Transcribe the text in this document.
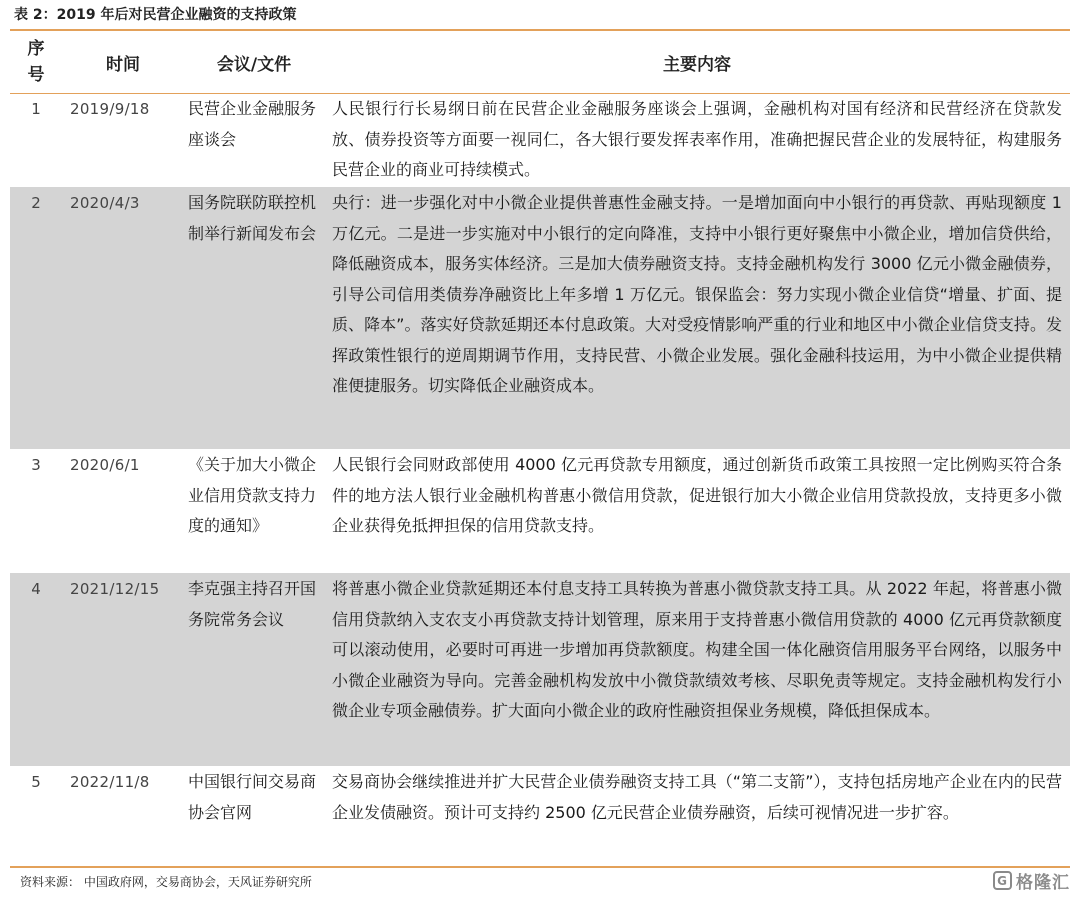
表 2：2019 年后对民营企业融资的支持政策
序号	时间	会议/文件	主要内容
1	2019/9/18	民营企业金融服务座谈会	人民银行行长易纲日前在民营企业金融服务座谈会上强调，金融机构对国有经济和民营经济在贷款发放、债券投资等方面要一视同仁，各大银行要发挥表率作用，准确把握民营企业的发展特征，构建服务民营企业的商业可持续模式。
2	2020/4/3	国务院联防联控机制举行新闻发布会	央行：进一步强化对中小微企业提供普惠性金融支持。一是增加面向中小银行的再贷款、再贴现额度 1 万亿元。二是进一步实施对中小银行的定向降准，支持中小银行更好聚焦中小微企业，增加信贷供给，降低融资成本，服务实体经济。三是加大债券融资支持。支持金融机构发行 3000 亿元小微金融债券，引导公司信用类债券净融资比上年多增 1 万亿元。银保监会：努力实现小微企业信贷“增量、扩面、提质、降本”。落实好贷款延期还本付息政策。大对受疫情影响严重的行业和地区中小微企业信贷支持。发挥政策性银行的逆周期调节作用，支持民营、小微企业发展。强化金融科技运用，为中小微企业提供精准便捷服务。切实降低企业融资成本。
3	2020/6/1	《关于加大小微企业信用贷款支持力度的通知》	人民银行会同财政部使用 4000 亿元再贷款专用额度，通过创新货币政策工具按照一定比例购买符合条件的地方法人银行业金融机构普惠小微信用贷款，促进银行加大小微企业信用贷款投放，支持更多小微企业获得免抵押担保的信用贷款支持。
4	2021/12/15	李克强主持召开国务院常务会议	将普惠小微企业贷款延期还本付息支持工具转换为普惠小微贷款支持工具。从 2022 年起，将普惠小微信用贷款纳入支农支小再贷款支持计划管理，原来用于支持普惠小微信用贷款的 4000 亿元再贷款额度可以滚动使用，必要时可再进一步增加再贷款额度。构建全国一体化融资信用服务平台网络，以服务中小微企业融资为导向。完善金融机构发放中小微贷款绩效考核、尽职免责等规定。支持金融机构发行小微企业专项金融债券。扩大面向小微企业的政府性融资担保业务规模，降低担保成本。
5	2022/11/8	中国银行间交易商协会官网	交易商协会继续推进并扩大民营企业债券融资支持工具（“第二支箭”），支持包括房地产企业在内的民营企业发债融资。预计可支持约 2500 亿元民营企业债券融资，后续可视情况进一步扩容。
资料来源： 中国政府网，交易商协会，天风证券研究所	G 格隆汇
